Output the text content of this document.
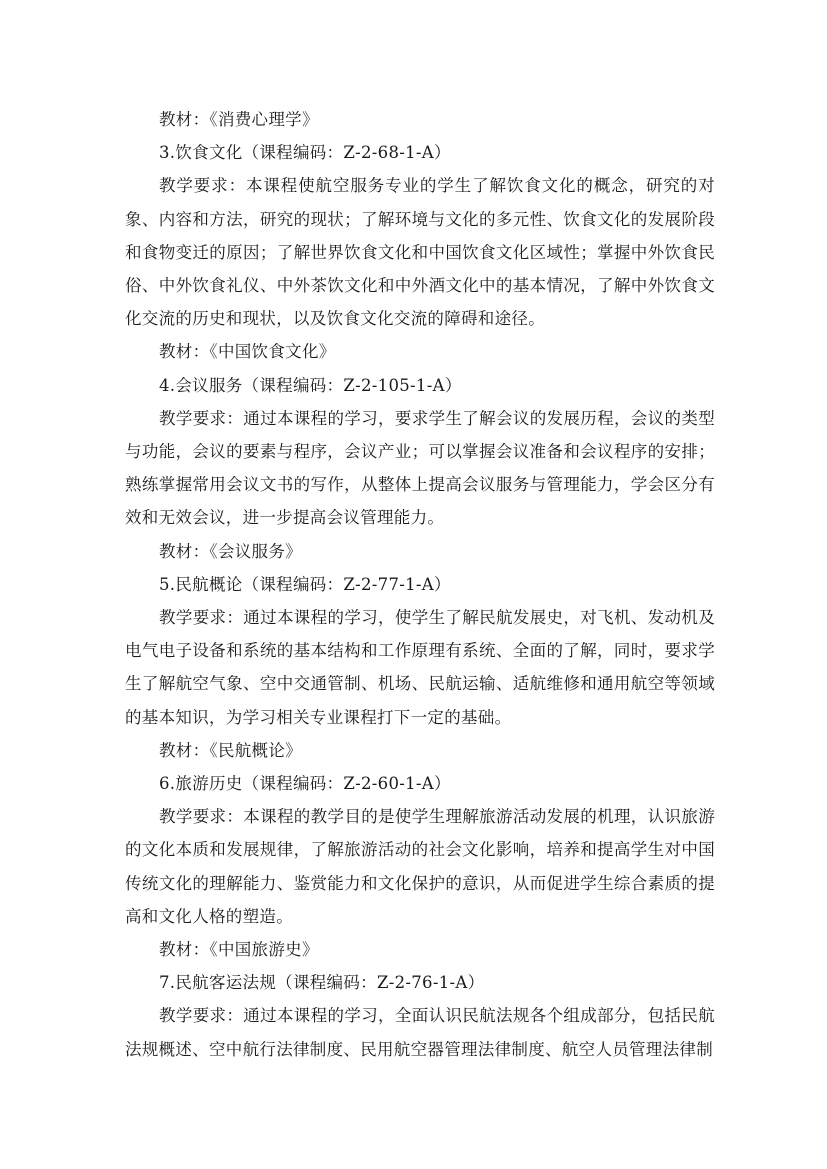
教材：《消费心理学》

3.饮食文化（课程编码：Z-2-68-1-A）

教学要求：本课程使航空服务专业的学生了解饮食文化的概念，研究的对象、内容和方法，研究的现状；了解环境与文化的多元性、饮食文化的发展阶段和食物变迁的原因；了解世界饮食文化和中国饮食文化区域性；掌握中外饮食民俗、中外饮食礼仪、中外茶饮文化和中外酒文化中的基本情况，了解中外饮食文化交流的历史和现状，以及饮食文化交流的障碍和途径。

教材：《中国饮食文化》

4.会议服务（课程编码：Z-2-105-1-A）

教学要求：通过本课程的学习，要求学生了解会议的发展历程，会议的类型与功能，会议的要素与程序，会议产业；可以掌握会议准备和会议程序的安排；熟练掌握常用会议文书的写作，从整体上提高会议服务与管理能力，学会区分有效和无效会议，进一步提高会议管理能力。

教材：《会议服务》

5.民航概论（课程编码：Z-2-77-1-A）

教学要求：通过本课程的学习，使学生了解民航发展史，对飞机、发动机及电气电子设备和系统的基本结构和工作原理有系统、全面的了解，同时，要求学生了解航空气象、空中交通管制、机场、民航运输、适航维修和通用航空等领域的基本知识，为学习相关专业课程打下一定的基础。

教材：《民航概论》

6.旅游历史（课程编码：Z-2-60-1-A）

教学要求：本课程的教学目的是使学生理解旅游活动发展的机理，认识旅游的文化本质和发展规律，了解旅游活动的社会文化影响，培养和提高学生对中国传统文化的理解能力、鉴赏能力和文化保护的意识，从而促进学生综合素质的提高和文化人格的塑造。

教材：《中国旅游史》

7.民航客运法规（课程编码：Z-2-76-1-A）

教学要求：通过本课程的学习，全面认识民航法规各个组成部分，包括民航法规概述、空中航行法律制度、民用航空器管理法律制度、航空人员管理法律制
